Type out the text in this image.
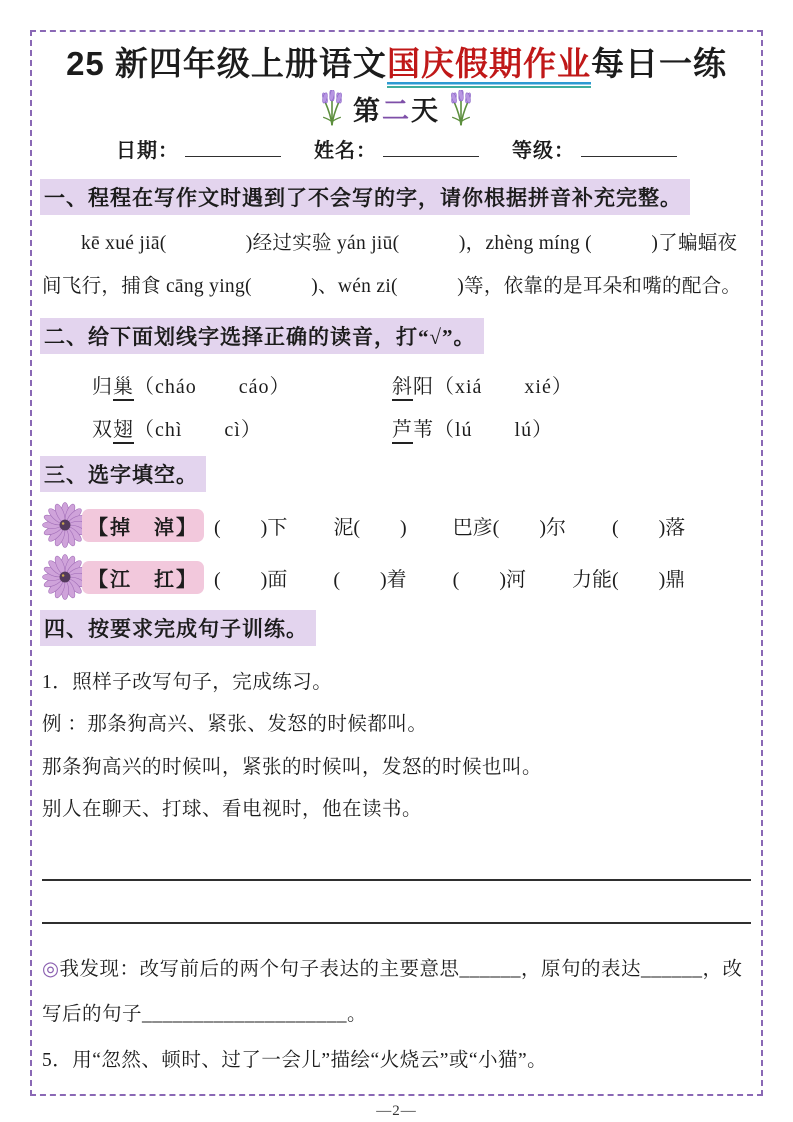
25 新四年级上册语文国庆假期作业每日一练
第二天
日期：	姓名：	等级：
一、程程在写作文时遇到了不会写的字，请你根据拼音补充完整。

kē xué jiā(　　　　)经过实验 yán jiū(　　　)，zhèng míng (　　　)了蝙蝠夜间飞行，捕食 cāng ying(　　　)、wén zi(　　　)等，依靠的是耳朵和嘴的配合。

二、给下面划线字选择正确的读音，打“√”。
归巢（cháo　　cáo）	斜阳（xiá　　xié）
双翅（chì　　cì）	芦苇（lú　　lú）
三、选字填空。
【掉　淖】 (　　)下 泥(　　) 巴彦(　　)尔 (　　)落
【江　扛】 (　　)面 (　　)着 (　　)河 力能(　　)鼎
四、按要求完成句子训练。

1．照样子改写句子，完成练习。

例 ：那条狗高兴、紧张、发怒的时候都叫。

那条狗高兴的时候叫，紧张的时候叫，发怒的时候也叫。

别人在聊天、打球、看电视时，他在读书。

◎我发现：改写前后的两个句子表达的主要意思______，原句的表达______，改写后的句子____________________。

5．用“忽然、顿时、过了一会儿”描绘“火烧云”或“小猫”。

—2—
